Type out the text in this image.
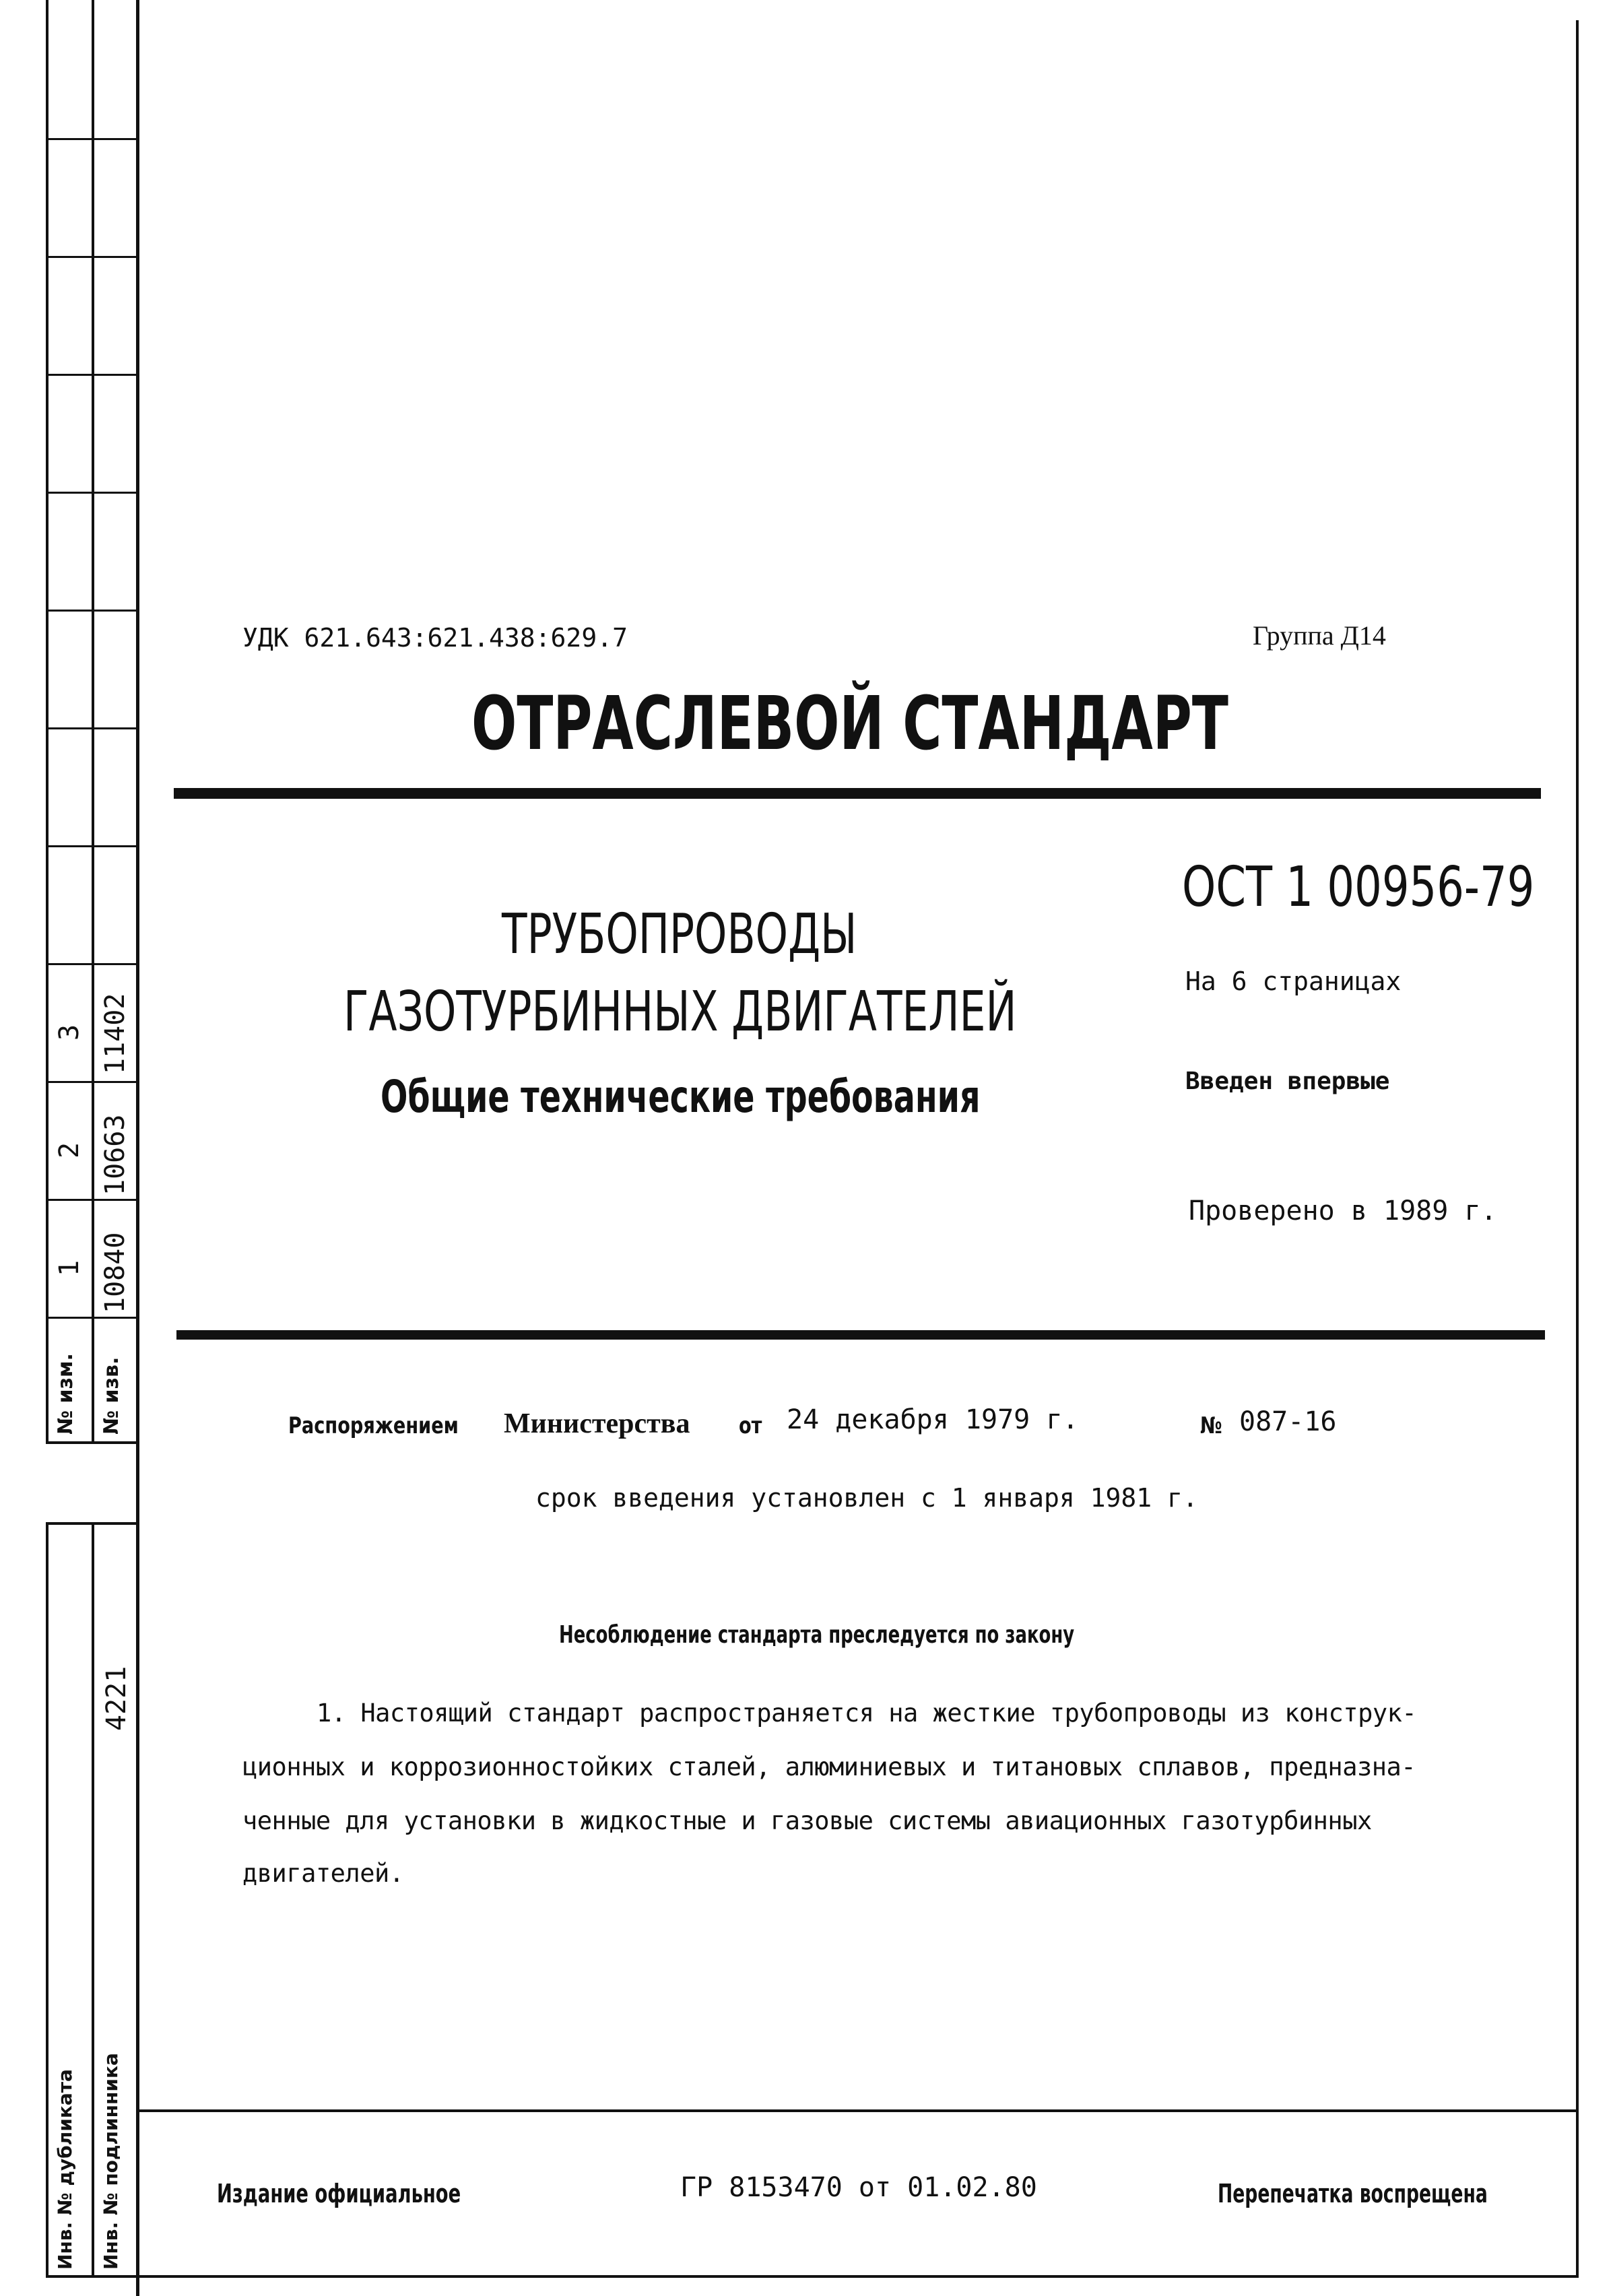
3 11402
2 10663
1 10840
№ изм. № изв.
4221
Инв. № дубликата Инв. № подлинника
УДК 621.643:621.438:629.7	Группа Д14
ОТРАСЛЕВОЙ СТАНДАРТ
ТРУБОПРОВОДЫ
ГАЗОТУРБИННЫХ ДВИГАТЕЛЕЙ
Общие технические требования
ОСТ 1 00956-79
На 6 страницах
Введен впервые
Проверено в 1989 г.
Распоряжением Министерства от 24 декабря 1979 г.	№ 087-16
срок введения установлен с 1 января 1981 г.
Несоблюдение стандарта преследуется по закону
1. Настоящий стандарт распространяется на жесткие трубопроводы из конструк-
ционных и коррозионностойких сталей, алюминиевых и титановых сплавов, предназна-
ченные для установки в жидкостные и газовые системы авиационных газотурбинных
двигателей.
Издание официальное	ГР 8153470 от 01.02.80	Перепечатка воспрещена
